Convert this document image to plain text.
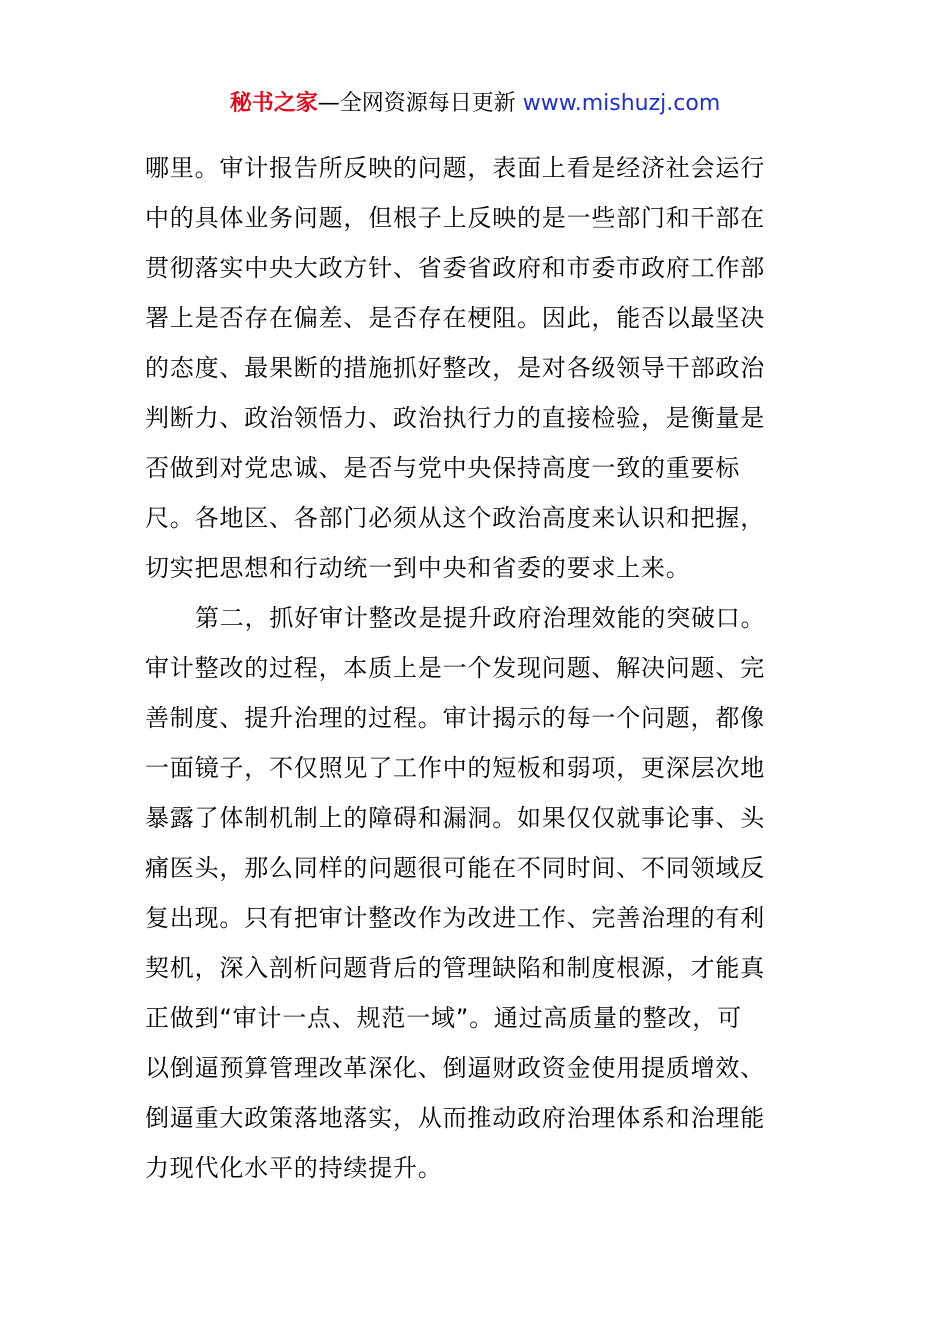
秘书之家—全网资源每日更新 www.mishuzj.com
哪里。审计报告所反映的问题，表面上看是经济社会运行
中的具体业务问题，但根子上反映的是一些部门和干部在
贯彻落实中央大政方针、省委省政府和市委市政府工作部
署上是否存在偏差、是否存在梗阻。因此，能否以最坚决
的态度、最果断的措施抓好整改，是对各级领导干部政治
判断力、政治领悟力、政治执行力的直接检验，是衡量是
否做到对党忠诚、是否与党中央保持高度一致的重要标
尺。各地区、各部门必须从这个政治高度来认识和把握，
切实把思想和行动统一到中央和省委的要求上来。
第二，抓好审计整改是提升政府治理效能的突破口。
审计整改的过程，本质上是一个发现问题、解决问题、完
善制度、提升治理的过程。审计揭示的每一个问题，都像
一面镜子，不仅照见了工作中的短板和弱项，更深层次地
暴露了体制机制上的障碍和漏洞。如果仅仅就事论事、头
痛医头，那么同样的问题很可能在不同时间、不同领域反
复出现。只有把审计整改作为改进工作、完善治理的有利
契机，深入剖析问题背后的管理缺陷和制度根源，才能真
正做到“审计一点、规范一域”。通过高质量的整改，可
以倒逼预算管理改革深化、倒逼财政资金使用提质增效、
倒逼重大政策落地落实，从而推动政府治理体系和治理能
力现代化水平的持续提升。
